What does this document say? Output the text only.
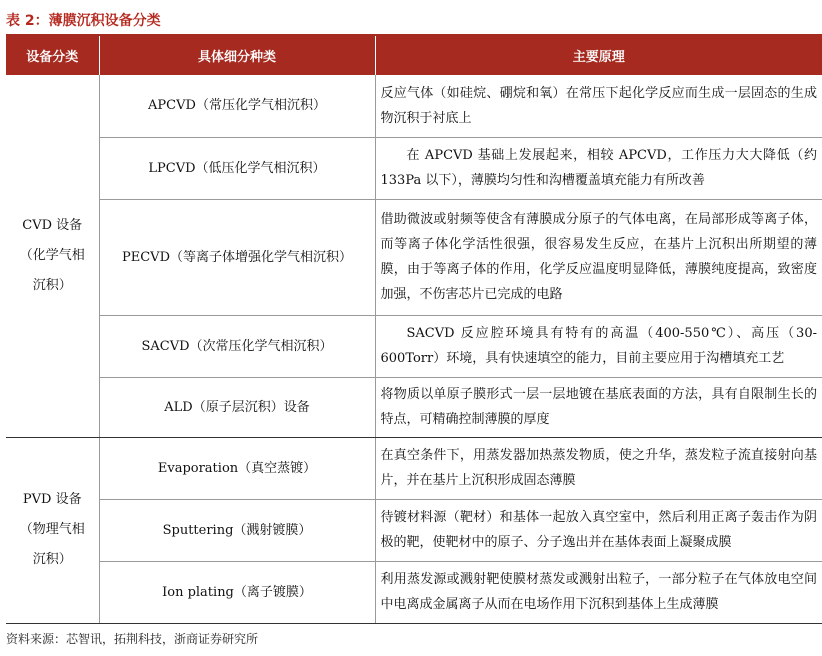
表 2：薄膜沉积设备分类
设备分类	具体细分种类	主要原理

CVD 设备
（化学气相
沉积）	APCVD（常压化学气相沉积）	反应气体（如硅烷、硼烷和氧）在常压下起化学反应而生成一层固态的生成物沉积于衬底上
	LPCVD（低压化学气相沉积）	在 APCVD 基础上发展起来，相较 APCVD，工作压力大大降低（约 133Pa 以下），薄膜均匀性和沟槽覆盖填充能力有所改善
	PECVD（等离子体增强化学气相沉积）	借助微波或射频等使含有薄膜成分原子的气体电离，在局部形成等离子体，而等离子体化学活性很强，很容易发生反应，在基片上沉积出所期望的薄膜，由于等离子体的作用，化学反应温度明显降低，薄膜纯度提高，致密度加强，不伤害芯片已完成的电路
	SACVD（次常压化学气相沉积）	SACVD 反应腔环境具有特有的高温（400-550℃）、高压（30-600Torr）环境，具有快速填空的能力，目前主要应用于沟槽填充工艺
	ALD（原子层沉积）设备	将物质以单原子膜形式一层一层地镀在基底表面的方法，具有自限制生长的特点，可精确控制薄膜的厚度

PVD 设备
（物理气相
沉积）	Evaporation（真空蒸镀）	在真空条件下，用蒸发器加热蒸发物质，使之升华，蒸发粒子流直接射向基片，并在基片上沉积形成固态薄膜
	Sputtering（溅射镀膜）	待镀材料源（靶材）和基体一起放入真空室中，然后利用正离子轰击作为阴极的靶，使靶材中的原子、分子逸出并在基体表面上凝聚成膜
	Ion plating（离子镀膜）	利用蒸发源或溅射靶使膜材蒸发或溅射出粒子，一部分粒子在气体放电空间中电离成金属离子从而在电场作用下沉积到基体上生成薄膜
资料来源：芯智讯，拓荆科技，浙商证券研究所
